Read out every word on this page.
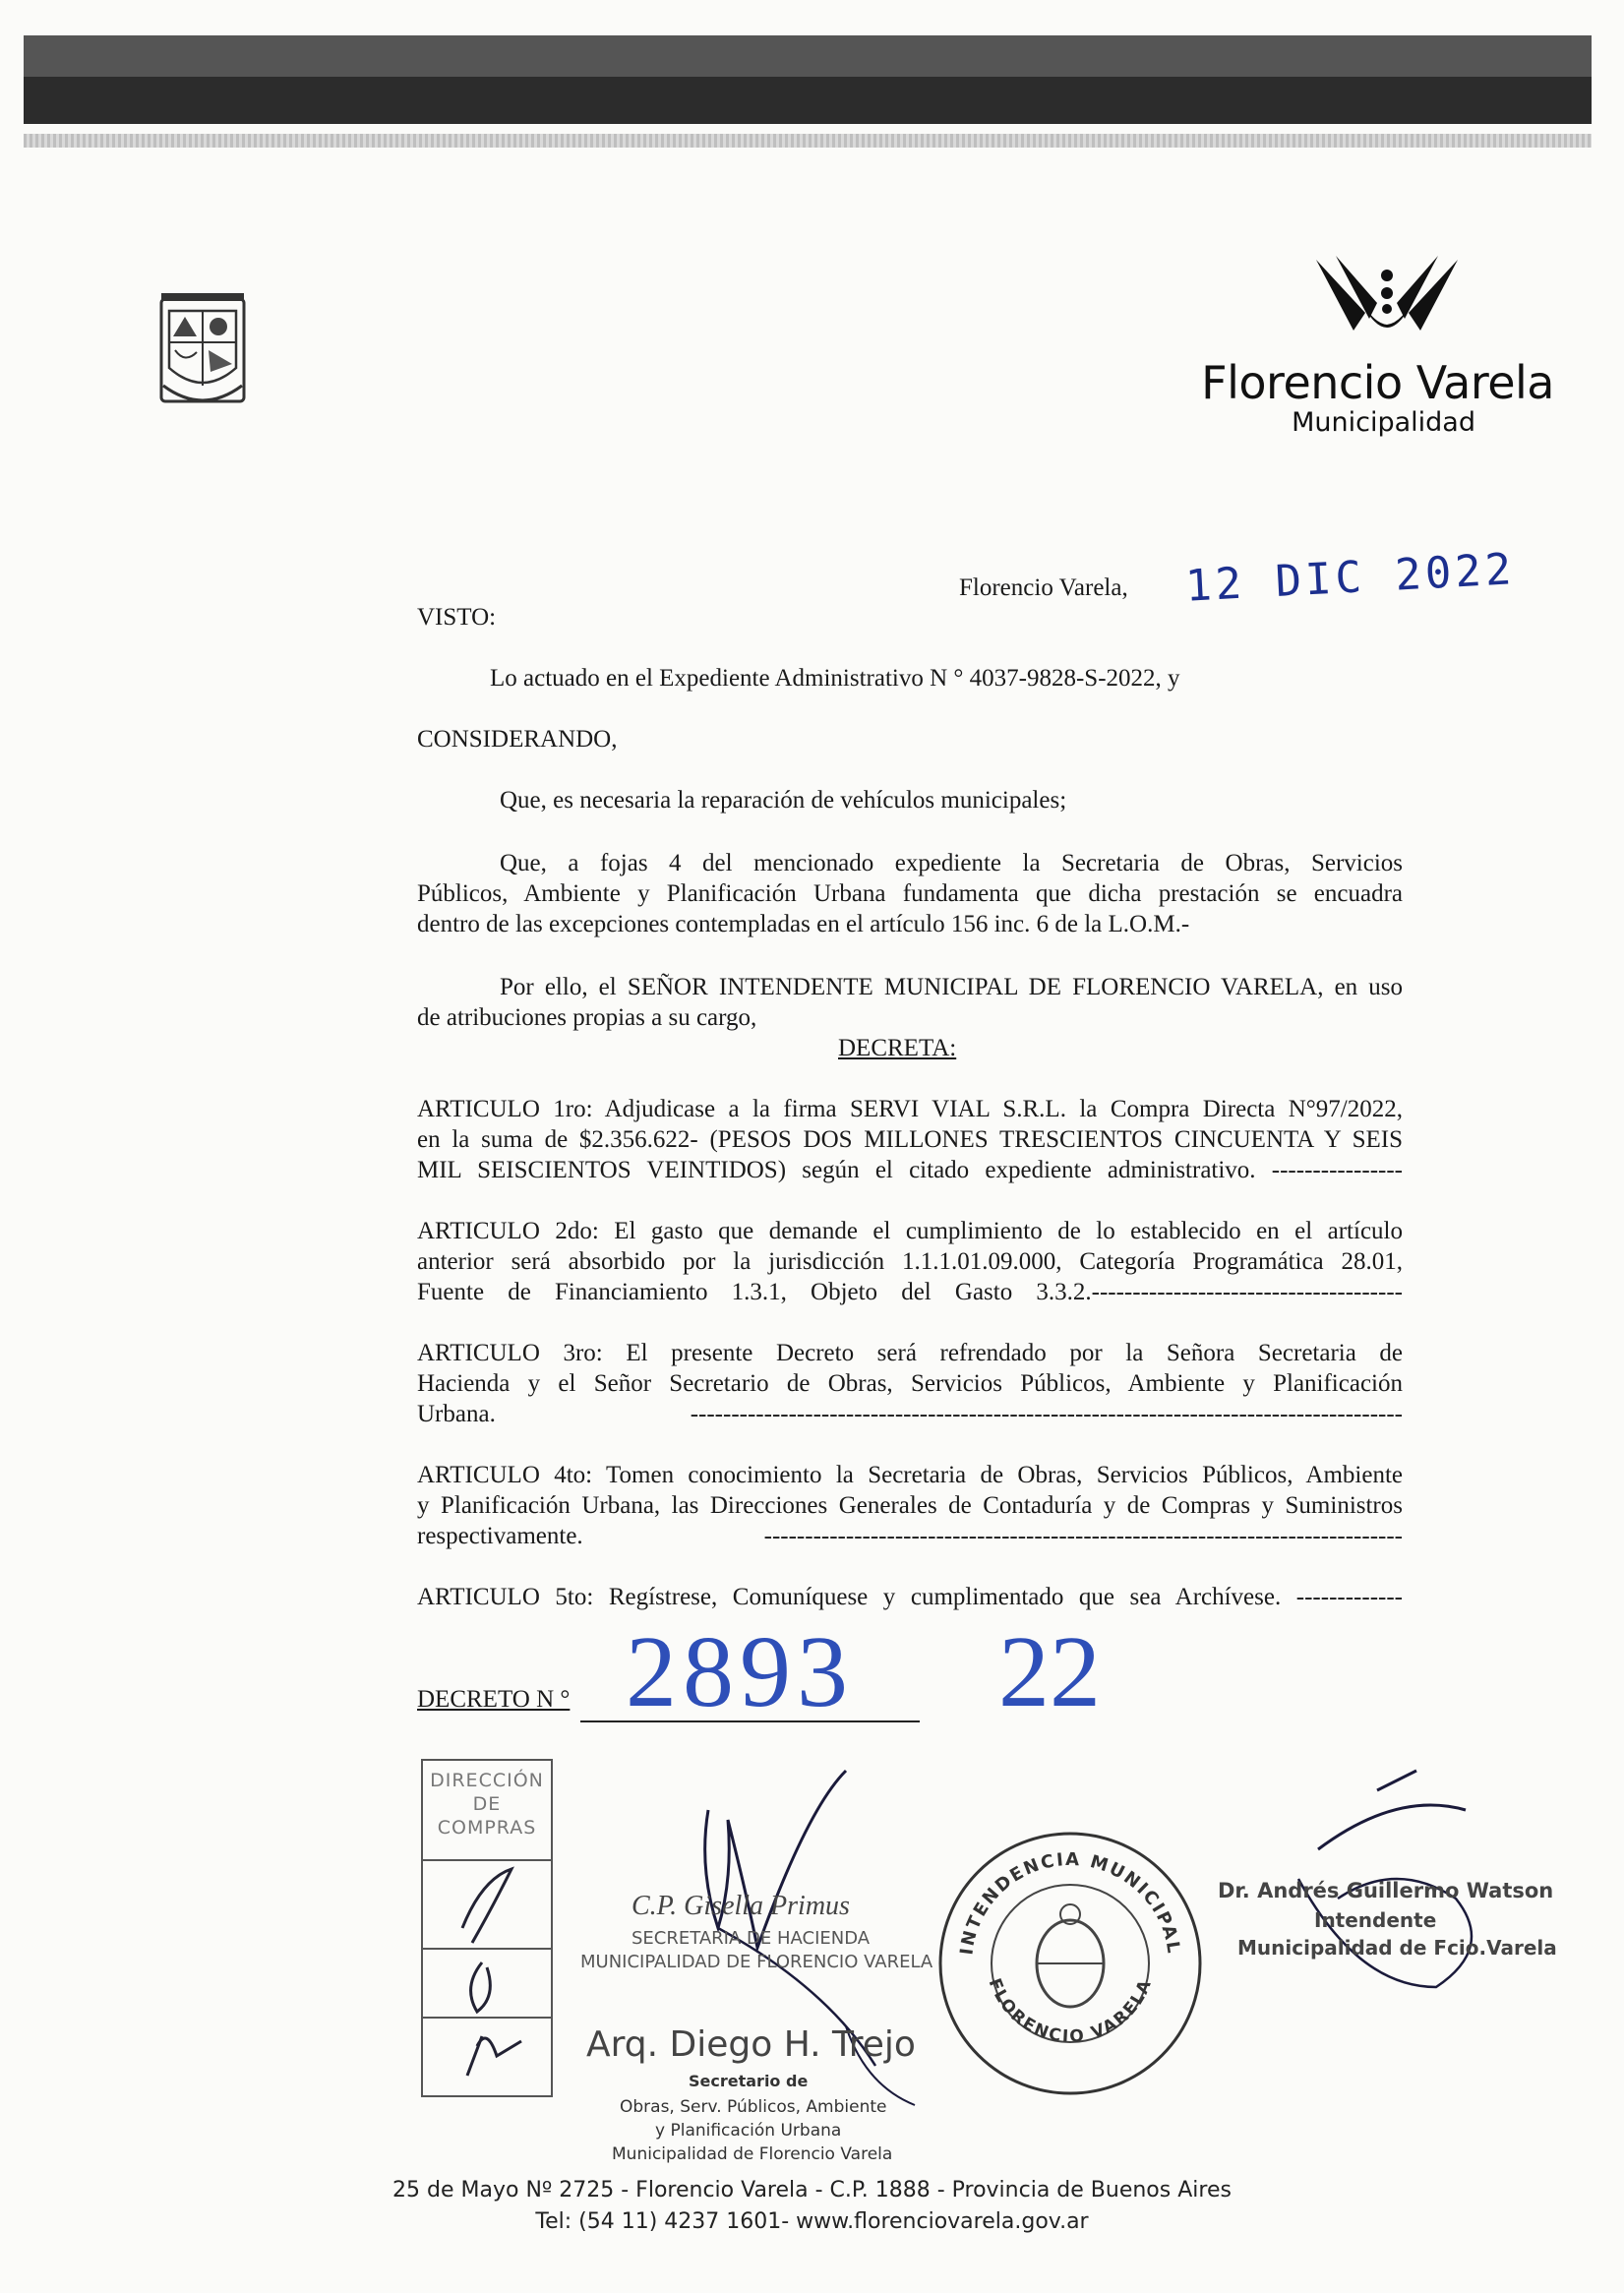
Florencio Varela
Municipalidad
Florencio Varela, 12 DIC 2022
VISTO:
Lo actuado en el Expediente Administrativo N ° 4037-9828-S-2022, y
CONSIDERANDO,
Que, es necesaria la reparación de vehículos municipales;
Que, a fojas 4 del mencionado expediente la Secretaria de Obras, Servicios
Públicos, Ambiente y Planificación Urbana fundamenta que dicha prestación se encuadra
dentro de las excepciones contempladas en el artículo 156 inc. 6 de la L.O.M.-
Por ello, el SEÑOR INTENDENTE MUNICIPAL DE FLORENCIO VARELA, en uso
de atribuciones propias a su cargo,
DECRETA:
ARTICULO 1ro: Adjudicase a la firma SERVI VIAL S.R.L. la Compra Directa N°97/2022,
en la suma de $2.356.622- (PESOS DOS MILLONES TRESCIENTOS CINCUENTA Y SEIS
MIL SEISCIENTOS VEINTIDOS) según el citado expediente administrativo. ----------------
ARTICULO 2do: El gasto que demande el cumplimiento de lo establecido en el artículo
anterior será absorbido por la jurisdicción 1.1.1.01.09.000, Categoría Programática 28.01,
Fuente de Financiamiento 1.3.1, Objeto del Gasto 3.3.2.--------------------------------------
ARTICULO 3ro: El presente Decreto será refrendado por la Señora Secretaria de
Hacienda y el Señor Secretario de Obras, Servicios Públicos, Ambiente y Planificación
Urbana. ---------------------------------------------------------------------------------------
ARTICULO 4to: Tomen conocimiento la Secretaria de Obras, Servicios Públicos, Ambiente
y Planificación Urbana, las Direcciones Generales de Contaduría y de Compras y Suministros
respectivamente. ------------------------------------------------------------------------------
ARTICULO 5to: Regístrese, Comuníquese y cumplimentado que sea Archívese. -------------
DECRETO N ° 2893 22
DIRECCIÓN
DE
COMPRAS
C.P. Gisella Primus
SECRETARIA DE HACIENDA
MUNICIPALIDAD DE FLORENCIO VARELA
Arq. Diego H. Trejo
Secretario de
Obras, Serv. Públicos, Ambiente
y Planificación Urbana
Municipalidad de Florencio Varela
INTENDENCIA MUNICIPAL
FLORENCIO VARELA
Dr. Andrés Guillermo Watson
Intendente
Municipalidad de Fcio.Varela
25 de Mayo Nº 2725 - Florencio Varela - C.P. 1888 - Provincia de Buenos Aires
Tel: (54 11) 4237 1601- www.florenciovarela.gov.ar
